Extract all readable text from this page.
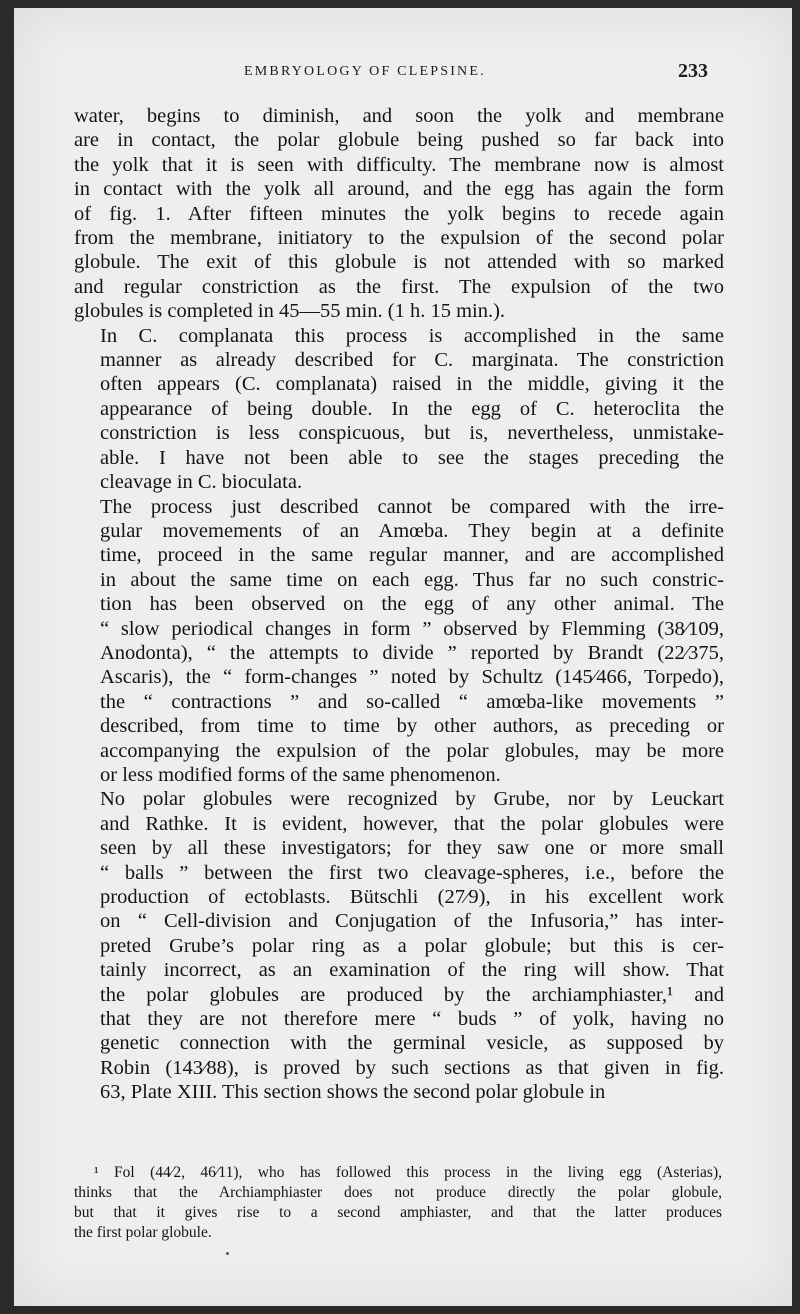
EMBRYOLOGY OF CLEPSINE.	233

water, begins to diminish, and soon the yolk and membrane
are in contact, the polar globule being pushed so far back into
the yolk that it is seen with difficulty. The membrane now is almost
in contact with the yolk all around, and the egg has again the form
of fig. 1. After fifteen minutes the yolk begins to recede again
from the membrane, initiatory to the expulsion of the second polar
globule. The exit of this globule is not attended with so marked
and regular constriction as the first. The expulsion of the two
globules is completed in 45—55 min. (1 h. 15 min.).

In C. complanata this process is accomplished in the same
manner as already described for C. marginata. The constriction
often appears (C. complanata) raised in the middle, giving it the
appearance of being double. In the egg of C. heteroclita the
constriction is less conspicuous, but is, nevertheless, unmistake-
able. I have not been able to see the stages preceding the
cleavage in C. bioculata.

The process just described cannot be compared with the irre-
gular movemements of an Amœba. They begin at a definite
time, proceed in the same regular manner, and are accomplished
in about the same time on each egg. Thus far no such constric-
tion has been observed on the egg of any other animal. The
“ slow periodical changes in form ” observed by Flemming (38⁄109,
Anodonta), “ the attempts to divide ” reported by Brandt (22⁄375,
Ascaris), the “ form-changes ” noted by Schultz (145⁄466, Torpedo),
the “ contractions ” and so-called “ amœba-like movements ”
described, from time to time by other authors, as preceding or
accompanying the expulsion of the polar globules, may be more
or less modified forms of the same phenomenon.

No polar globules were recognized by Grube, nor by Leuckart
and Rathke. It is evident, however, that the polar globules were
seen by all these investigators; for they saw one or more small
“ balls ” between the first two cleavage-spheres, i.e., before the
production of ectoblasts. Bütschli (27⁄9), in his excellent work
on “ Cell-division and Conjugation of the Infusoria,” has inter-
preted Grube’s polar ring as a polar globule; but this is cer-
tainly incorrect, as an examination of the ring will show. That
the polar globules are produced by the archiamphiaster,¹ and
that they are not therefore mere “ buds ” of yolk, having no
genetic connection with the germinal vesicle, as supposed by
Robin (143⁄88), is proved by such sections as that given in fig.
63, Plate XIII. This section shows the second polar globule in

¹ Fol (44⁄2, 46⁄11), who has followed this process in the living egg (Asterias),
thinks that the Archiamphiaster does not produce directly the polar globule,
but that it gives rise to a second amphiaster, and that the latter produces
the first polar globule.
